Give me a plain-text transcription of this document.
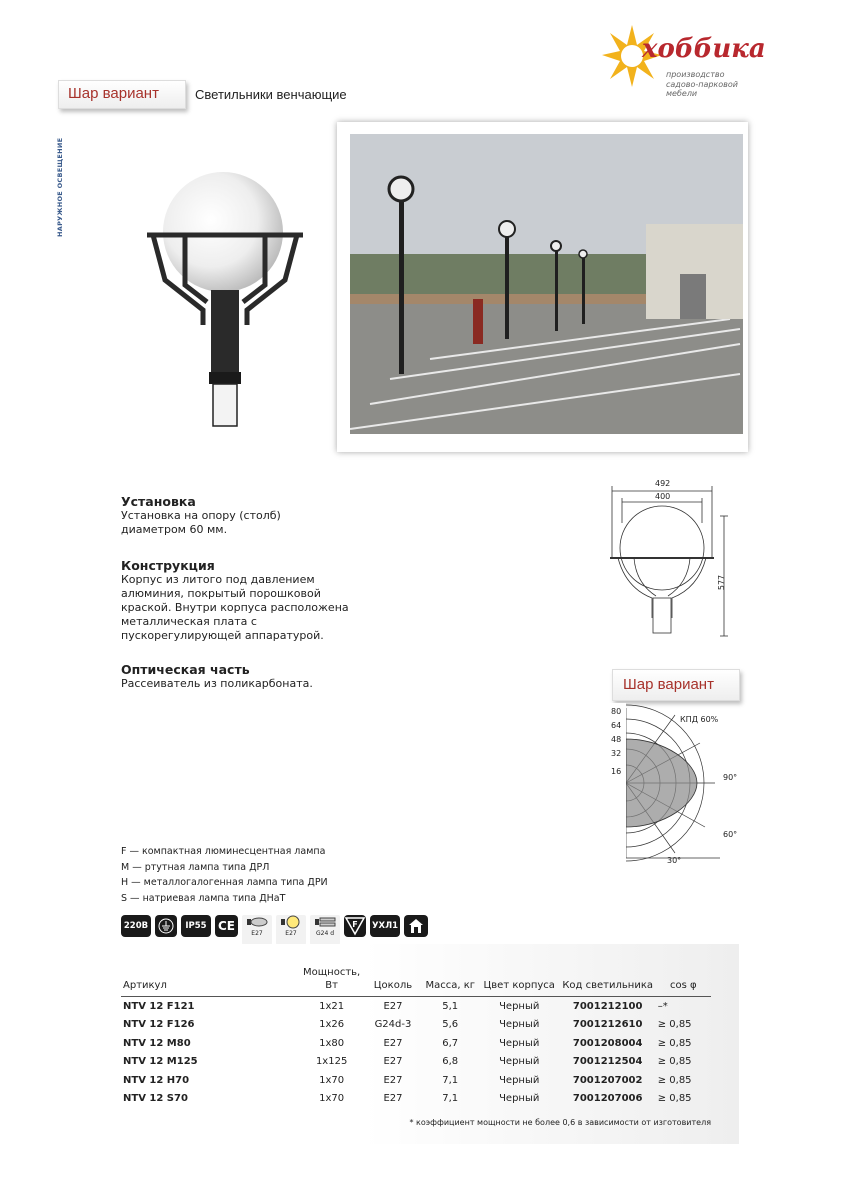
Шар вариант	Светильники венчающие
хоббика
производство
садово-парковой мебели
НАРУЖНОЕ ОСВЕЩЕНИЕ
Установка
Установка на опору (столб) диаметром 60 мм.
Конструкция
Корпус из литого под давлением алюминия, покрытый порошковой краской. Внутри корпуса расположена металлическая плата с пускорегулирующей аппаратурой.
Оптическая часть
Рассеиватель из поликарбоната.
492
400
577
Шар вариант
КПД 60%
80
64
48
32
16
90°
60°
30°
F — компактная люминесцентная лампа
M — ртутная лампа типа ДРЛ
H — металлогалогенная лампа типа ДРИ
S — натриевая лампа типа ДНаТ
220В	IP55 CE
E27	E27	G24 d
F УХЛ1
Артикул	Мощность, Вт	Цоколь	Масса, кг	Цвет корпуса	Код светильника	cos φ
NTV 12 F121	1x21	E27	5,1	Черный	7001212100	–*
NTV 12 F126	1x26	G24d-3	5,6	Черный	7001212610	≥ 0,85
NTV 12 M80	1x80	E27	6,7	Черный	7001208004	≥ 0,85
NTV 12 M125	1x125	E27	6,8	Черный	7001212504	≥ 0,85
NTV 12 H70	1x70	E27	7,1	Черный	7001207002	≥ 0,85
NTV 12 S70	1x70	E27	7,1	Черный	7001207006	≥ 0,85
* коэффициент мощности не более 0,6 в зависимости от изготовителя
